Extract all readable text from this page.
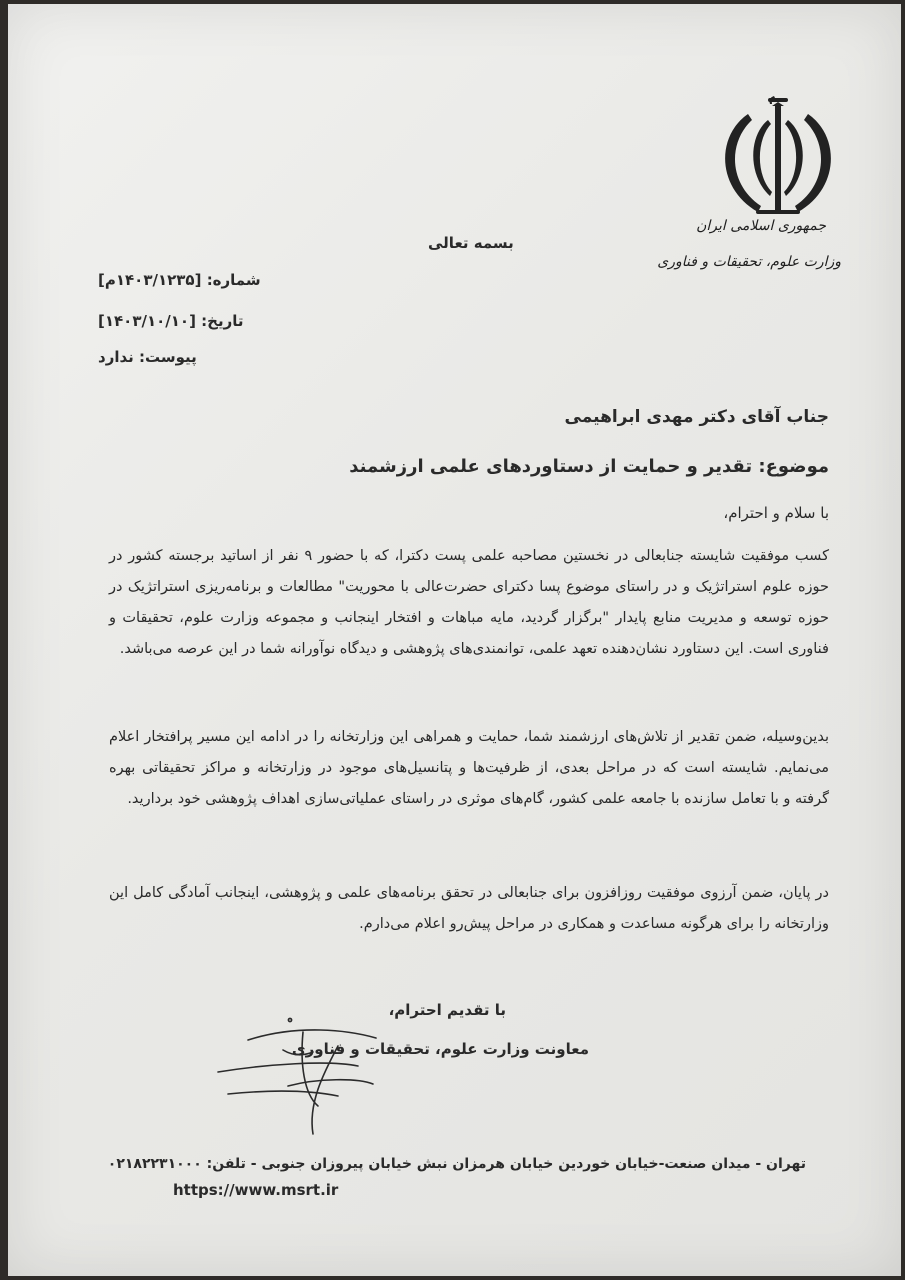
جمهوری اسلامی ایران
وزارت علوم، تحقیقات و فناوری
بسمه تعالی
شماره: [۱۴۰۳/۱۲۳۵م]
تاریخ: [۱۴۰۳/۱۰/۱۰]
پیوست: ندارد
جناب آقای دکتر مهدی ابراهیمی
موضوع: تقدیر و حمایت از دستاوردهای علمی ارزشمند
با سلام و احترام،
کسب موفقیت شایسته جنابعالی در نخستین مصاحبه علمی پست دکترا، که با حضور ۹ نفر از اساتید برجسته کشور در حوزه علوم استراتژیک و در راستای موضوع پسا دکترای حضرت‌عالی با محوریت" مطالعات و برنامه‌ریزی استراتژیک در حوزه توسعه و مدیریت منابع پایدار "برگزار گردید، مایه مباهات و افتخار اینجانب و مجموعه وزارت علوم، تحقیقات و فناوری است. این دستاورد نشان‌دهنده تعهد علمی، توانمندی‌های پژوهشی و دیدگاه نوآورانه شما در این عرصه می‌باشد.
بدین‌وسیله، ضمن تقدیر از تلاش‌های ارزشمند شما، حمایت و همراهی این وزارتخانه را در ادامه این مسیر پرافتخار اعلام می‌نمایم. شایسته است که در مراحل بعدی، از ظرفیت‌ها و پتانسیل‌های موجود در وزارتخانه و مراکز تحقیقاتی بهره گرفته و با تعامل سازنده با جامعه علمی کشور، گام‌های موثری در راستای عملیاتی‌سازی اهداف پژوهشی خود بردارید.
در پایان، ضمن آرزوی موفقیت روزافزون برای جنابعالی در تحقق برنامه‌های علمی و پژوهشی، اینجانب آمادگی کامل این وزارتخانه را برای هرگونه مساعدت و همکاری در مراحل پیش‌رو اعلام می‌دارم.
با تقدیم احترام،
معاونت وزارت علوم، تحقیقات و فناوری
تهران - میدان صنعت-خیابان خوردین خیابان هرمزان نبش خیابان پیروزان جنوبی - تلفن: ۰۲۱۸۲۲۳۱۰۰۰
https://www.msrt.ir
